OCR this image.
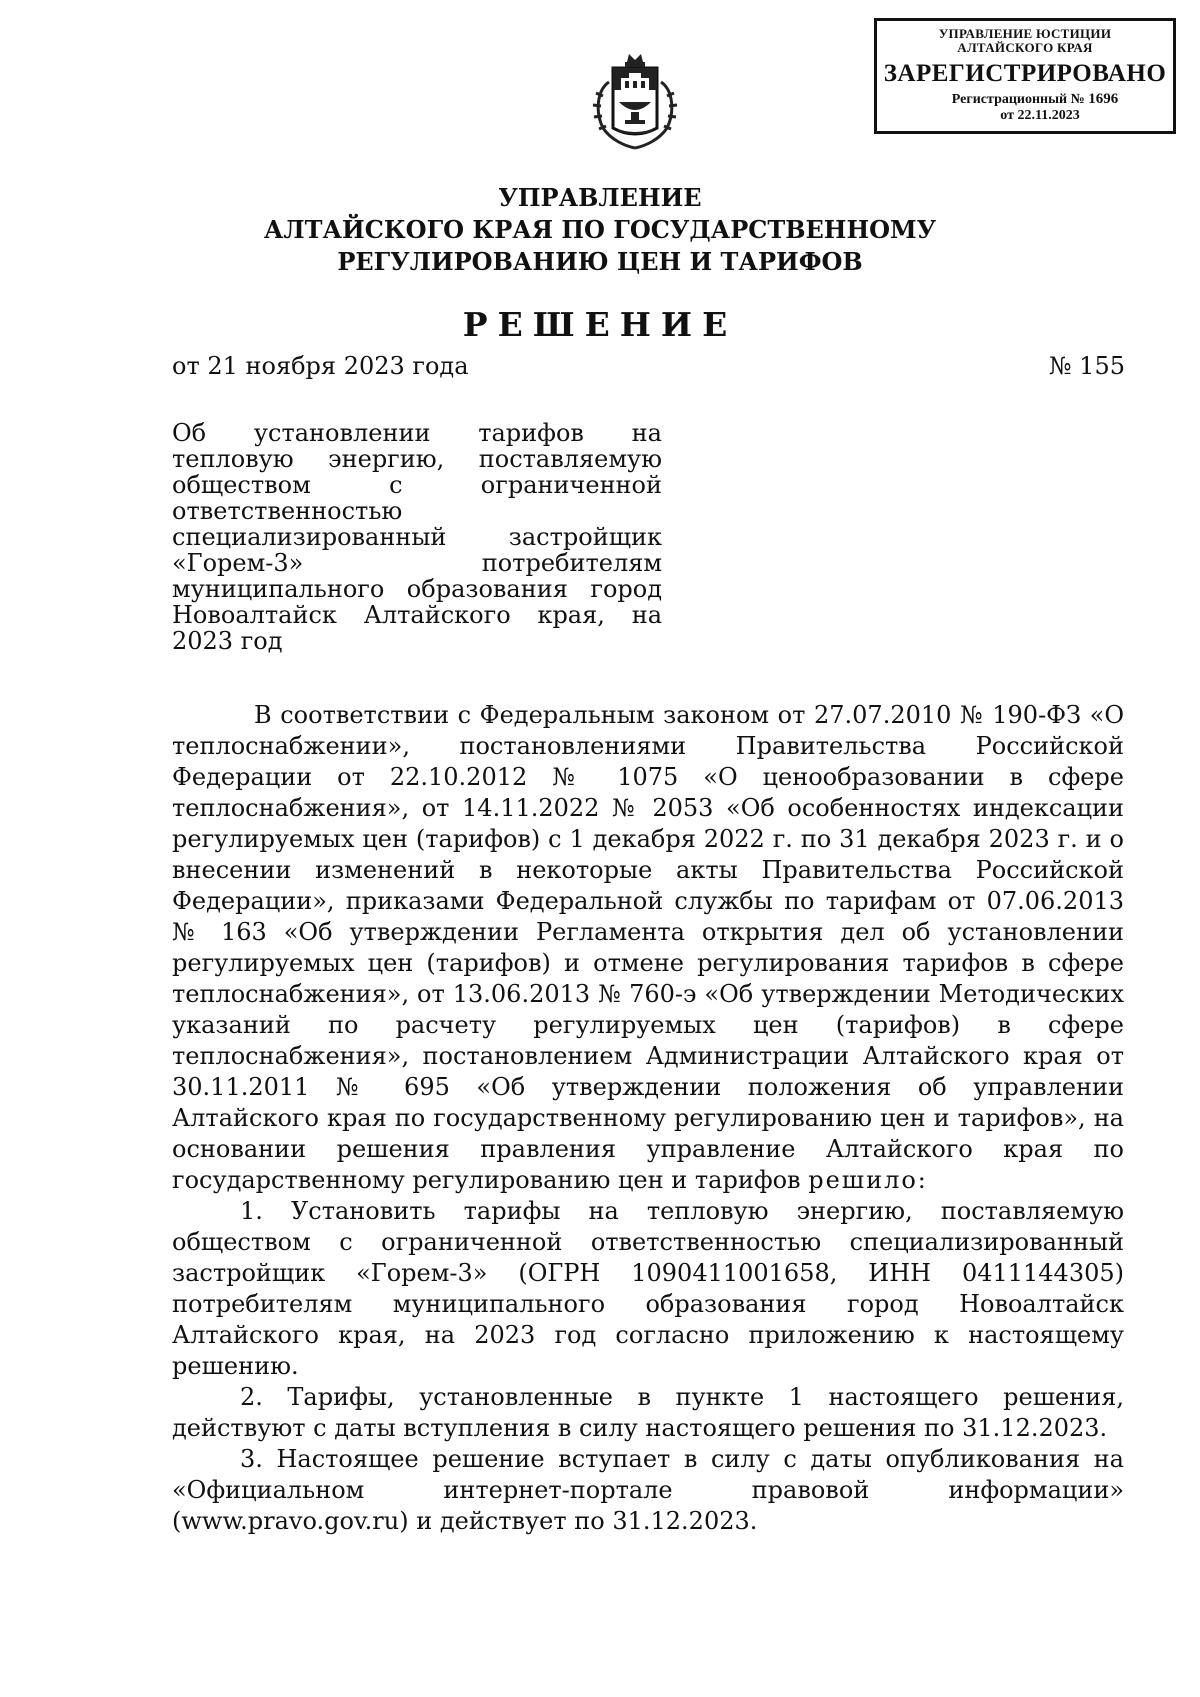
УПРАВЛЕНИЕ ЮСТИЦИИ
АЛТАЙСКОГО КРАЯ
ЗАРЕГИСТРИРОВАНО
Регистрационный № 1696
от 22.11.2023
УПРАВЛЕНИЕ
АЛТАЙСКОГО КРАЯ ПО ГОСУДАРСТВЕННОМУ
РЕГУЛИРОВАНИЮ ЦЕН И ТАРИФОВ
РЕШЕНИЕ
от 21 ноября 2023 года	№ 155
Об установлении тарифов на тепловую энергию, поставляемую обществом с ограниченной ответственностью специализированный застройщик «Горем-3» потребителям муниципального образования город Новоалтайск Алтайского края, на 2023 год

В соответствии с Федеральным законом от 27.07.2010 № 190-ФЗ «О теплоснабжении», постановлениями Правительства Российской Федерации от 22.10.2012 № 1075 «О ценообразовании в сфере теплоснабжения», от 14.11.2022 № 2053 «Об особенностях индексации регулируемых цен (тарифов) с 1 декабря 2022 г. по 31 декабря 2023 г. и о внесении изменений в некоторые акты Правительства Российской Федерации», приказами Федеральной службы по тарифам от 07.06.2013 № 163 «Об утверждении Регламента открытия дел об установлении регулируемых цен (тарифов) и отмене регулирования тарифов в сфере теплоснабжения», от 13.06.2013 № 760-э «Об утверждении Методических указаний по расчету регулируемых цен (тарифов) в сфере теплоснабжения», постановлением Администрации Алтайского края от 30.11.2011 № 695 «Об утверждении положения об управлении Алтайского края по государственному регулированию цен и тарифов», на основании решения правления управление Алтайского края по государственному регулированию цен и тарифов решило:

1. Установить тарифы на тепловую энергию, поставляемую обществом с ограниченной ответственностью специализированный застройщик «Горем-3» (ОГРН 1090411001658, ИНН 0411144305) потребителям муниципального образования город Новоалтайск Алтайского края, на 2023 год согласно приложению к настоящему решению.

2. Тарифы, установленные в пункте 1 настоящего решения, действуют с даты вступления в силу настоящего решения по 31.12.2023.

3. Настоящее решение вступает в силу с даты опубликования на «Официальном интернет-портале правовой информации» (www.pravo.gov.ru) и действует по 31.12.2023.
